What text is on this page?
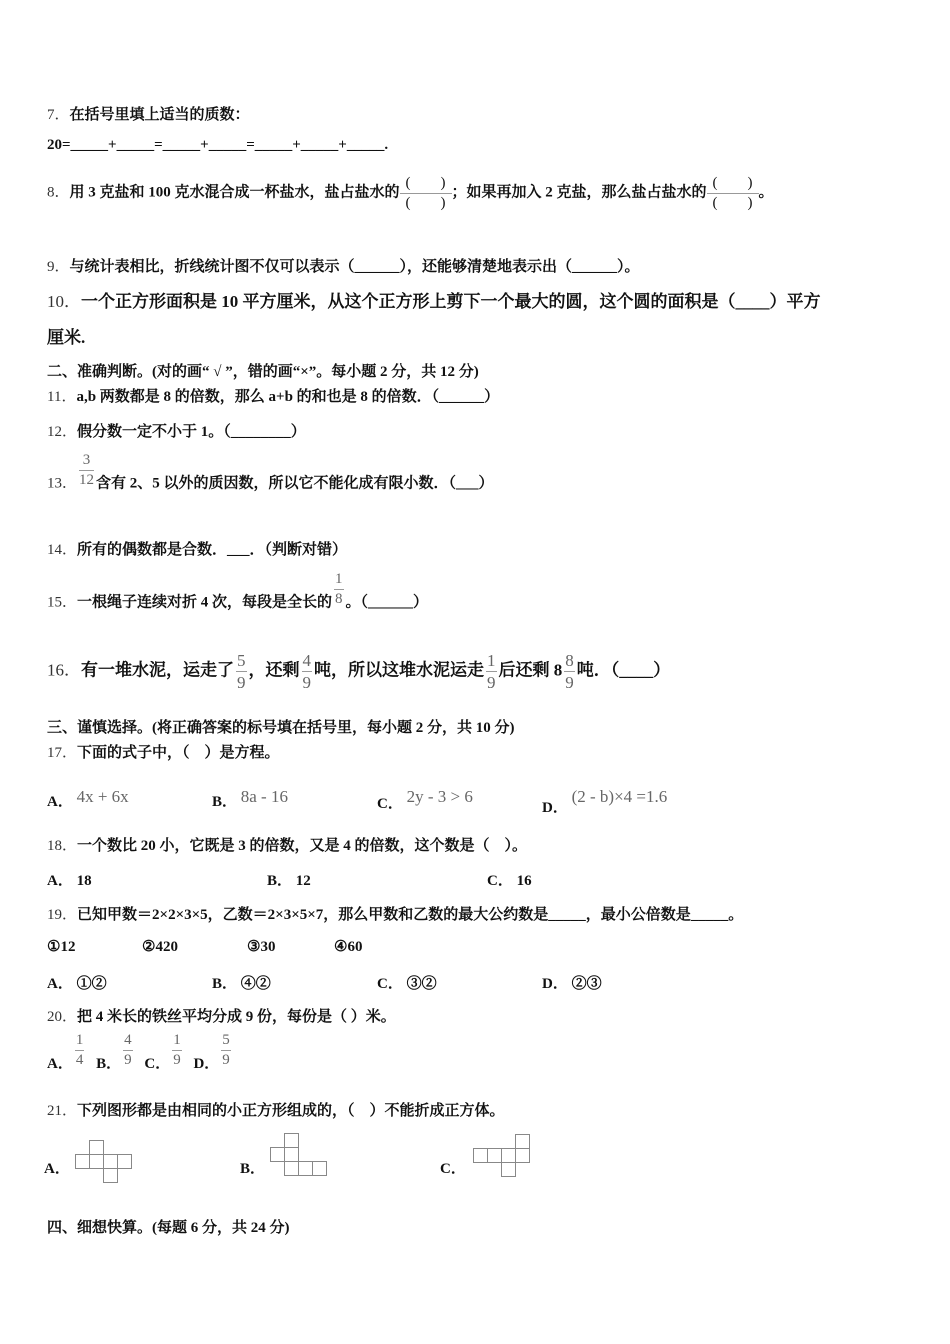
7．在括号里填上适当的质数：
20=_____+_____=_____+_____=_____+_____+_____.
8．用 3 克盐和 100 克水混合成一杯盐水，盐占盐水的
(　　)
(　　)
；如果再加入 2 克盐，那么盐占盐水的
(　　)
(　　)
。
9．与统计表相比，折线统计图不仅可以表示（______），还能够清楚地表示出（______）。
10．一个正方形面积是 10 平方厘米，从这个正方形上剪下一个最大的圆，这个圆的面积是（____）平方
厘米.
二、准确判断。(对的画“ √ ”，错的画“×”。每小题 2 分，共 12 分)
11．a,b 两数都是 8 的倍数，那么 a+b 的和也是 8 的倍数．（______）
12．假分数一定不小于 1。（________）
13． $\frac{3}{12}$ 含有 2、5 以外的质因数，所以它不能化成有限小数．（___）
14．所有的偶数都是合数．___．（判断对错）
15．一根绳子连续对折 4 次，每段是全长的 $\frac{1}{8}$ 。（______）
16．有一堆水泥，运走了 $\frac{5}{9}$ ，还剩 $\frac{4}{9}$ 吨，所以这堆水泥运走 $\frac{1}{9}$ 后还剩 $8 \frac{8}{9}$ 吨．（____）
三、谨慎选择。(将正确答案的标号填在括号里，每小题 2 分，共 10 分)
17．下面的式子中，（　）是方程。
A． 4x + 6x	B． 8a - 16	C． 2y - 3 > 6
D． (2 - b)×4 =1.6
18．一个数比 20 小，它既是 3 的倍数，又是 4 的倍数，这个数是（　）。
A． 18	B． 12	C． 16
19．已知甲数＝2×2×3×5，乙数＝2×3×5×7，那么甲数和乙数的最大公约数是_____，最小公倍数是_____。
①12	②420	③30	④60
A． ①②	B． ④②	C． ③②	D． ②③
20．把 4 米长的铁丝平均分成 9 份，每份是（ ）米。
A． $\frac{1}{4}$ B． $\frac{4}{9}$ C． $\frac{1}{9}$ D． $\frac{5}{9}$
21．下列图形都是由相同的小正方形组成的，（　）不能折成正方体。
A．	B．	C．
四、细想快算。(每题 6 分，共 24 分)
